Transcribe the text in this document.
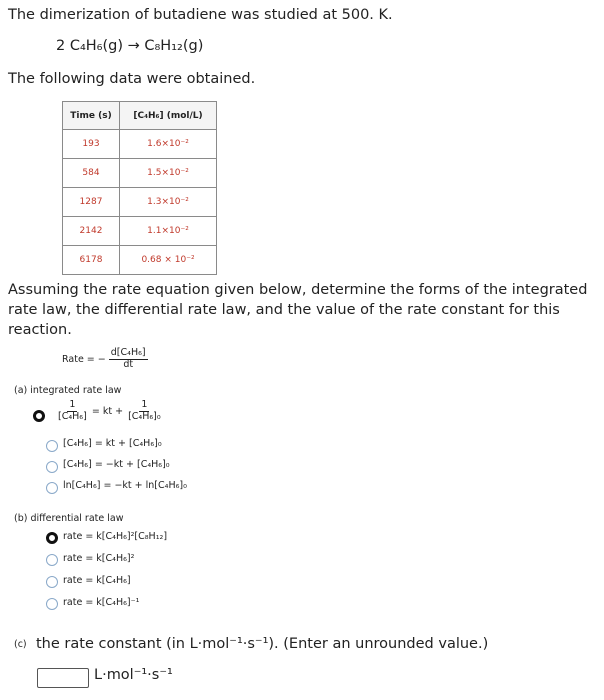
The dimerization of butadiene was studied at 500. K.
2 C₄H₆(g) → C₈H₁₂(g)
The following data were obtained.
Time (s)	[C₄H₆] (mol/L)
193	1.6×10⁻²
584	1.5×10⁻²
1287	1.3×10⁻²
2142	1.1×10⁻²
6178	0.68 × 10⁻²
Assuming the rate equation given below, determine the forms of the integrated rate law, the differential rate law, and the value of the rate constant for this reaction.
Rate = − $\frac{\text{d[C₄H₆]}}{dt}$
(a) integrated rate law
$\frac{1}{\text{[C₄H₆]}}$ = kt + $\frac{1}{\text{[C₄H₆]₀}}$
[C₄H₆] = kt + [C₄H₆]₀
[C₄H₆] = −kt + [C₄H₆]₀
ln[C₄H₆] = −kt + ln[C₄H₆]₀
(b) differential rate law
rate = k[C₄H₆]²[C₈H₁₂]
rate = k[C₄H₆]²
rate = k[C₄H₆]
rate = k[C₄H₆]⁻¹
(c) the rate constant (in L·mol⁻¹·s⁻¹). (Enter an unrounded value.)
L·mol⁻¹·s⁻¹
